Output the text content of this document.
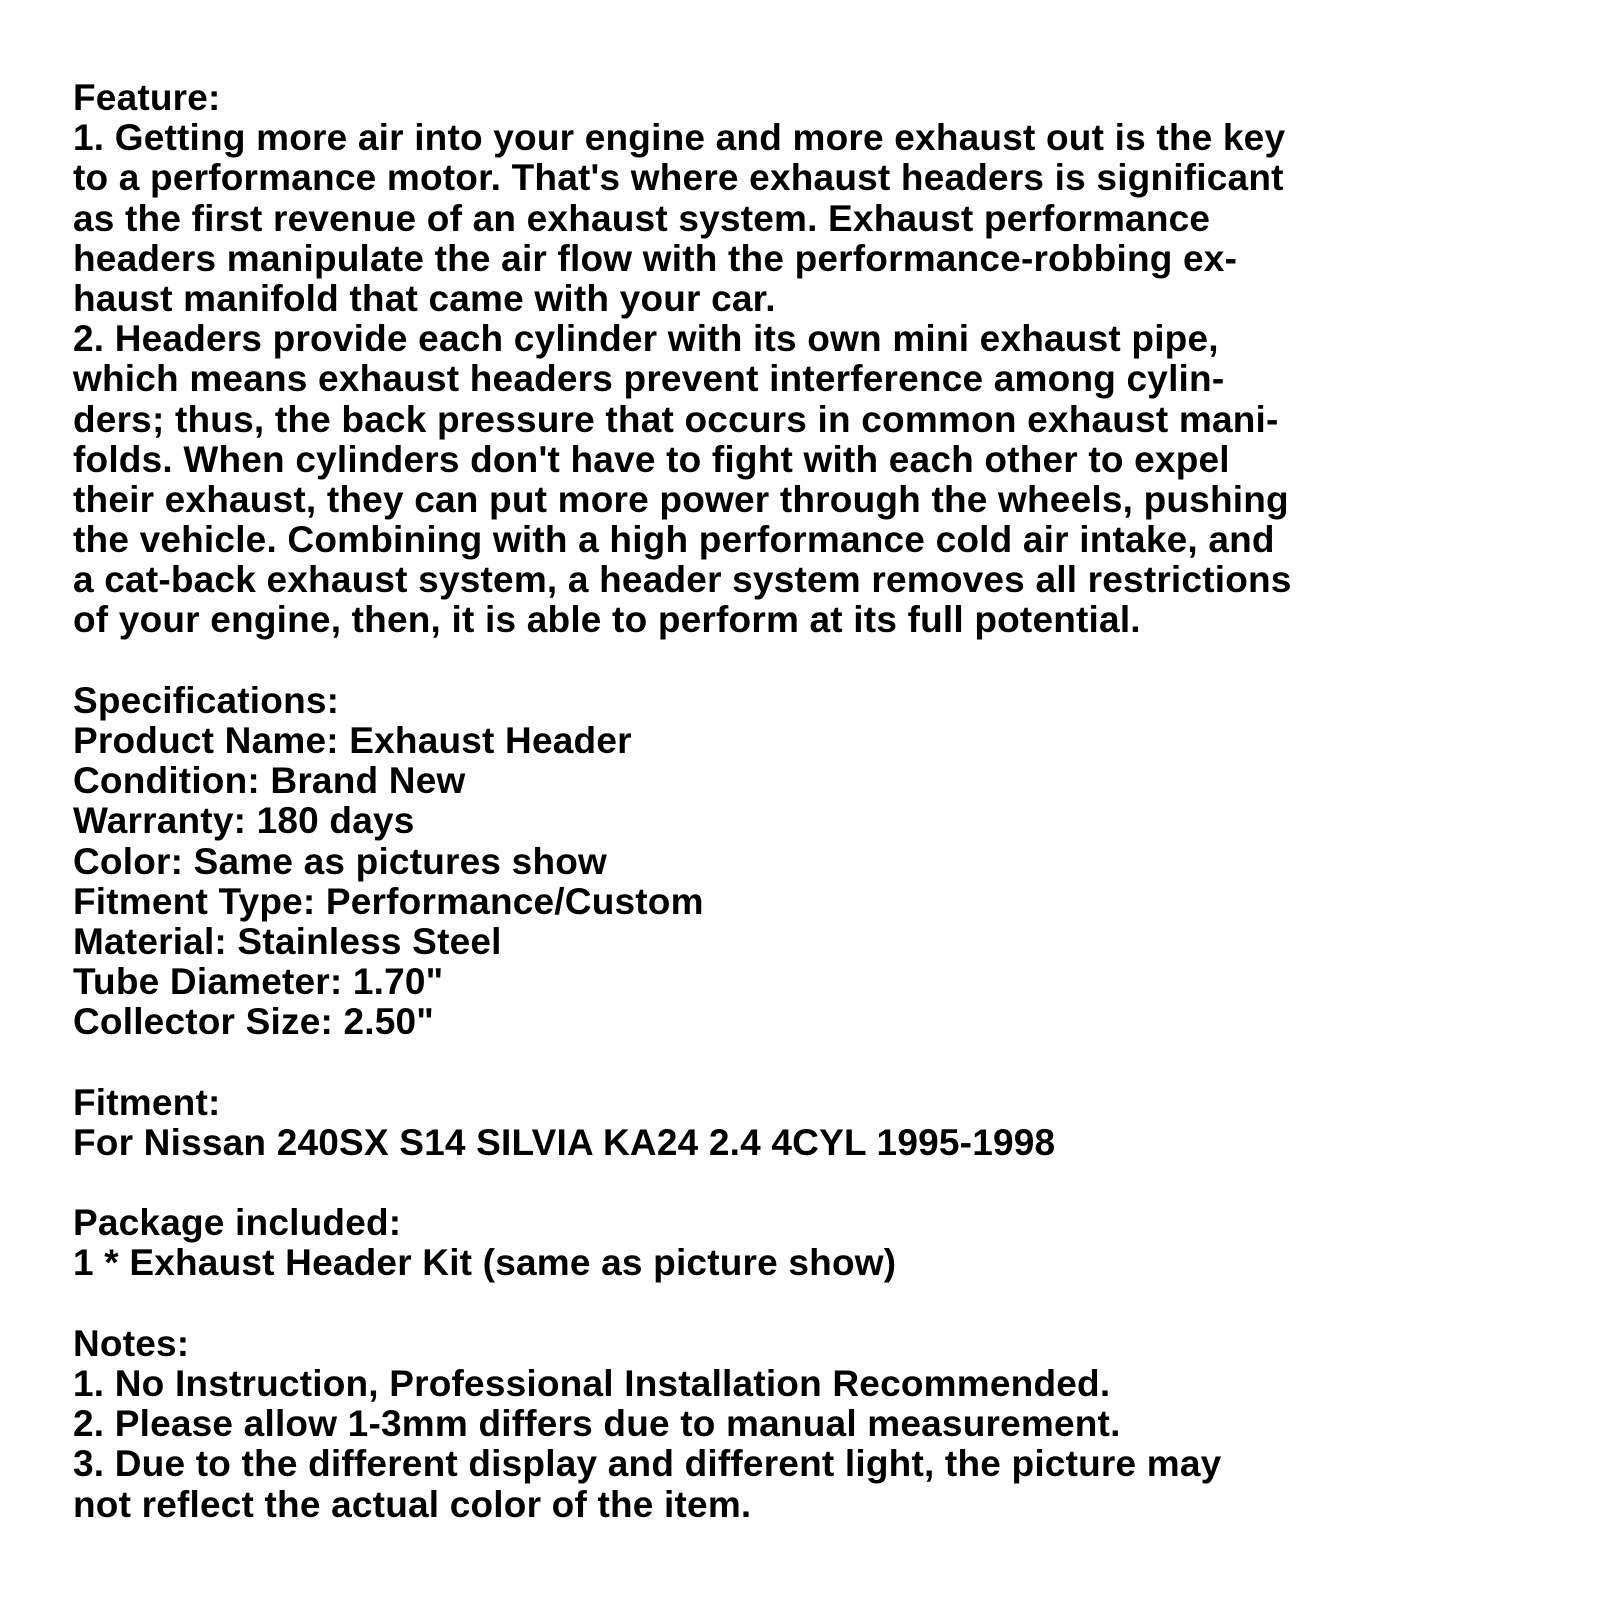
Feature:
1. Getting more air into your engine and more exhaust out is the key
to a performance motor. That's where exhaust headers is significant
as the first revenue of an exhaust system. Exhaust performance
headers manipulate the air flow with the performance-robbing ex-
haust manifold that came with your car.
2. Headers provide each cylinder with its own mini exhaust pipe,
which means exhaust headers prevent interference among cylin-
ders; thus, the back pressure that occurs in common exhaust mani-
folds. When cylinders don't have to fight with each other to expel
their exhaust, they can put more power through the wheels, pushing
the vehicle. Combining with a high performance cold air intake, and
a cat-back exhaust system, a header system removes all restrictions
of your engine, then, it is able to perform at its full potential.
Specifications:
Product Name: Exhaust Header
Condition: Brand New
Warranty: 180 days
Color: Same as pictures show
Fitment Type: Performance/Custom
Material: Stainless Steel
Tube Diameter: 1.70"
Collector Size: 2.50"
Fitment:
For Nissan 240SX S14 SILVIA KA24 2.4 4CYL 1995-1998
Package included:
1 * Exhaust Header Kit (same as picture show)
Notes:
1. No Instruction, Professional Installation Recommended.
2. Please allow 1-3mm differs due to manual measurement.
3. Due to the different display and different light, the picture may
not reflect the actual color of the item.
